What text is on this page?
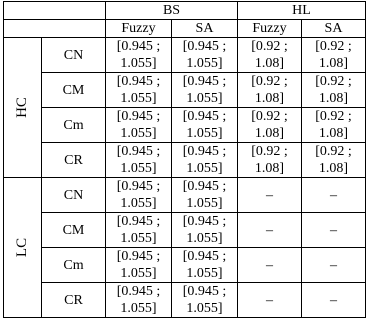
		BS		HL	
		Fuzzy	SA	Fuzzy	SA
HC	CN	[0.945 ;
1.055]	[0.945 ;
1.055]	[0.92 ;
1.08]	[0.92 ;
1.08]

	CM	[0.945 ;
1.055]	[0.945 ;
1.055]	[0.92 ;
1.08]	[0.92 ;
1.08]

	Cm	[0.945 ;
1.055]	[0.945 ;
1.055]	[0.92 ;
1.08]	[0.92 ;
1.08]

	CR	[0.945 ;
1.055]	[0.945 ;
1.055]	[0.92 ;
1.08]	[0.92 ;
1.08]

LC	CN	[0.945 ;
1.055]	[0.945 ;
1.055]	–	–

	CM	[0.945 ;
1.055]	[0.945 ;
1.055]	–	–

	Cm	[0.945 ;
1.055]	[0.945 ;
1.055]	–	–

	CR	[0.945 ;
1.055]	[0.945 ;
1.055]	–	–
